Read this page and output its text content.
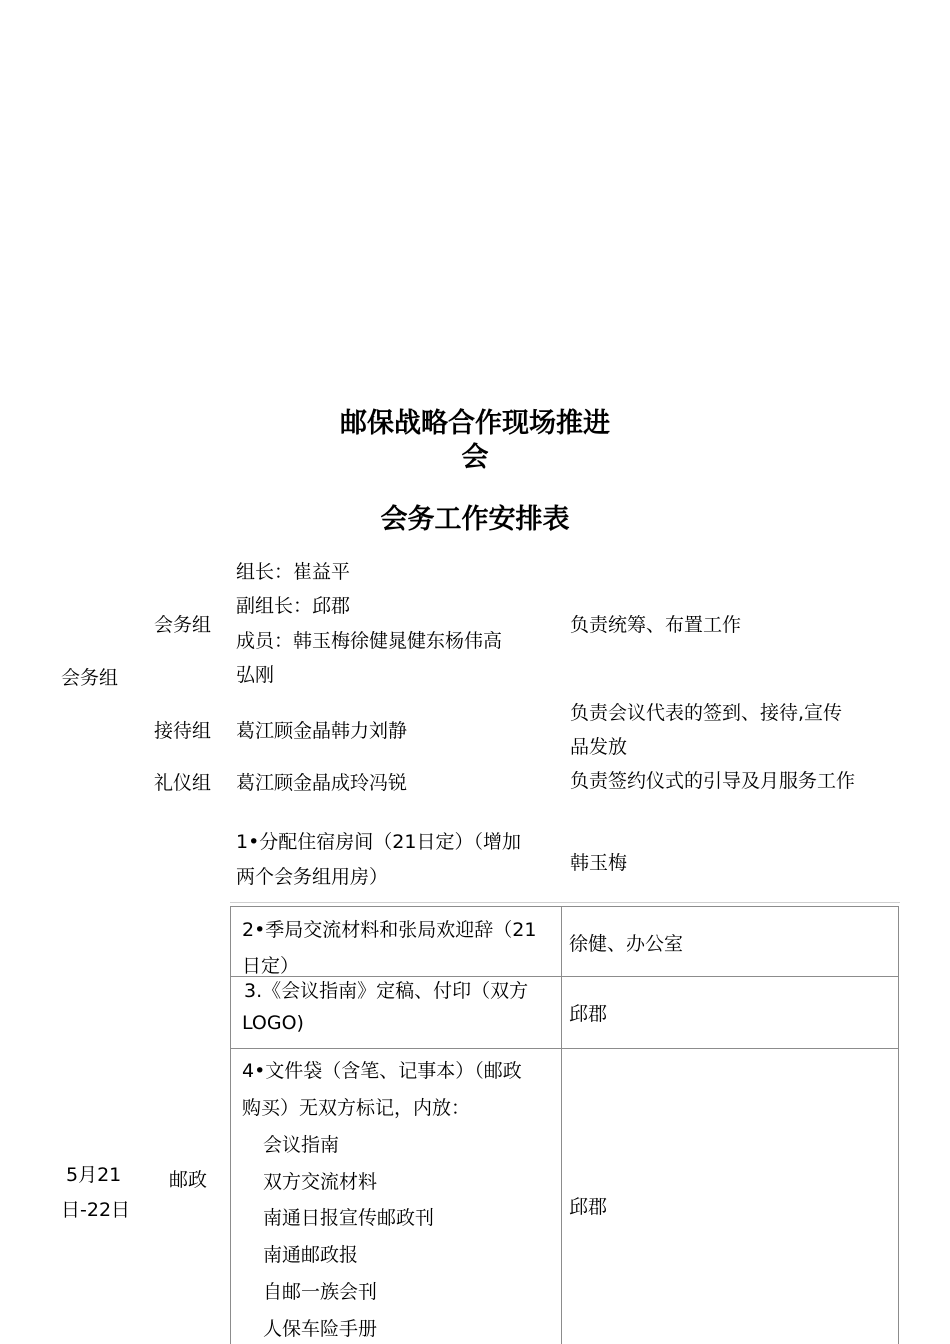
邮保战略合作现场推进
会
会务工作安排表
会务组
会务组
组长：崔益平
副组长：邱郡
成员：韩玉梅徐健晁健东杨伟高
弘刚
负责统筹、布置工作
接待组 葛江顾金晶韩力刘静
负责会议代表的签到、接待,宣传
品发放
礼仪组 葛江顾金晶成玲冯锐	负责签约仪式的引导及月服务工作
5月21
日-22日
邮政
1•分配住宿房间（21日定）（增加
两个会务组用房）
韩玉梅
2•季局交流材料和张局欢迎辞（21
日定）
徐健、办公室
3.《会议指南》定稿、付印（双方
LOGO)	邱郡
4•文件袋（含笔、记事本）（邮政
购买）无双方标记，内放：
会议指南
双方交流材料
南通日报宣传邮政刊
南通邮政报
自邮一族会刊
人保车险手册
邱郡
